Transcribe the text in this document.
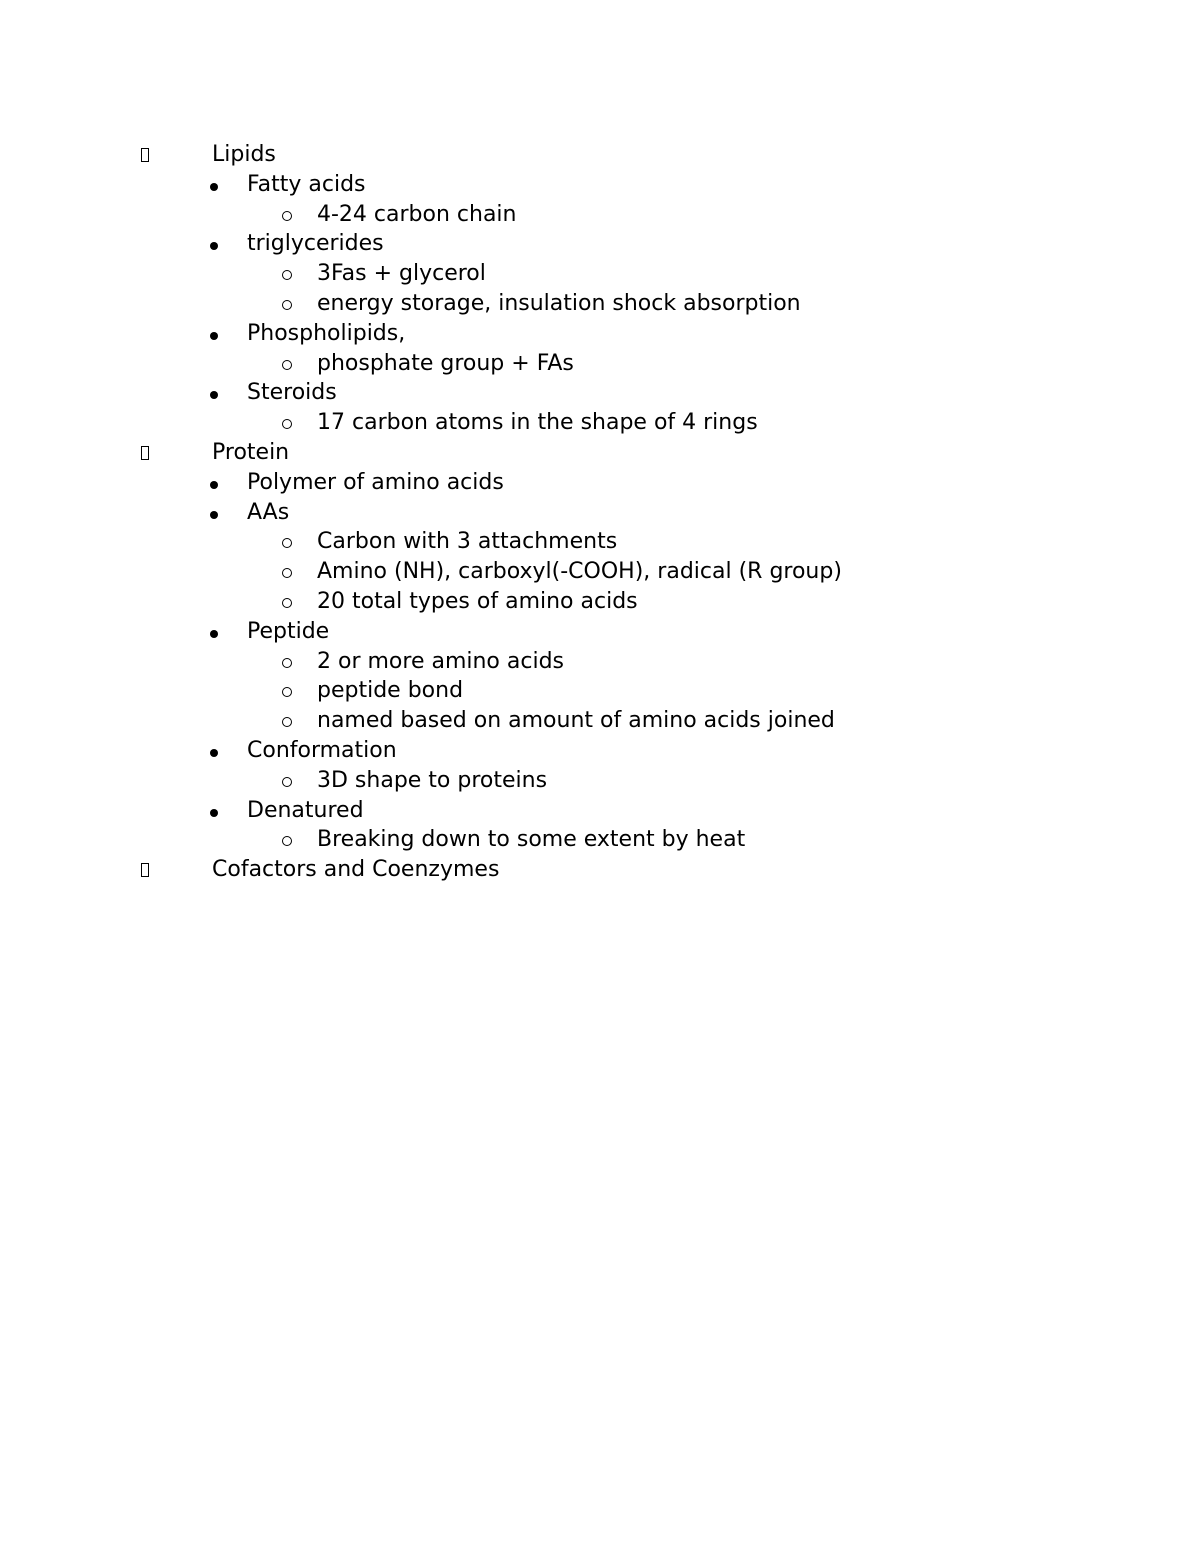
Lipids
Fatty acids
4-24 carbon chain
triglycerides
3Fas + glycerol
energy storage, insulation shock absorption
Phospholipids,
phosphate group + FAs
Steroids
17 carbon atoms in the shape of 4 rings
Protein
Polymer of amino acids
AAs
Carbon with 3 attachments
Amino (NH), carboxyl(-COOH), radical (R group)
20 total types of amino acids
Peptide
2 or more amino acids
peptide bond
named based on amount of amino acids joined
Conformation
3D shape to proteins
Denatured
Breaking down to some extent by heat
Cofactors and Coenzymes
